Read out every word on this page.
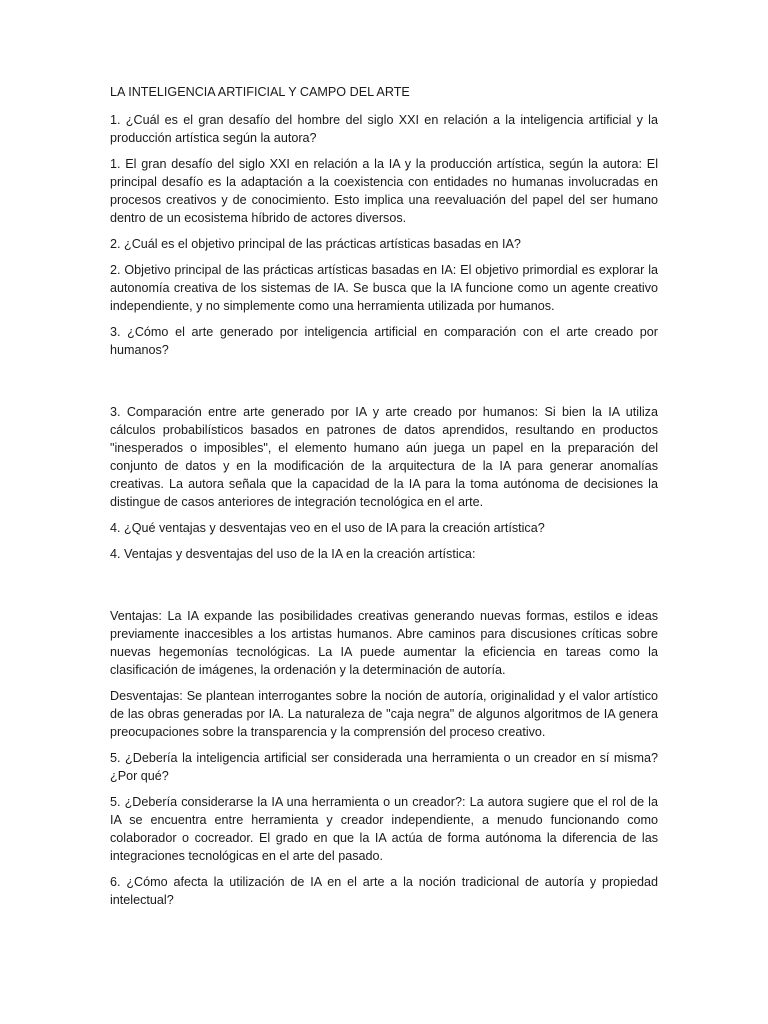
LA INTELIGENCIA ARTIFICIAL Y CAMPO DEL ARTE
1. ¿Cuál es el gran desafío del hombre del siglo XXI en relación a la inteligencia artificial y la producción artística según la autora?
1. El gran desafío del siglo XXI en relación a la IA y la producción artística, según la autora: El principal desafío es la adaptación a la coexistencia con entidades no humanas involucradas en procesos creativos y de conocimiento. Esto implica una reevaluación del papel del ser humano dentro de un ecosistema híbrido de actores diversos.
2. ¿Cuál es el objetivo principal de las prácticas artísticas basadas en IA?
2. Objetivo principal de las prácticas artísticas basadas en IA: El objetivo primordial es explorar la autonomía creativa de los sistemas de IA. Se busca que la IA funcione como un agente creativo independiente, y no simplemente como una herramienta utilizada por humanos.
3. ¿Cómo el arte generado por inteligencia artificial en comparación con el arte creado por humanos?
3. Comparación entre arte generado por IA y arte creado por humanos: Si bien la IA utiliza cálculos probabilísticos basados en patrones de datos aprendidos, resultando en productos "inesperados o imposibles", el elemento humano aún juega un papel en la preparación del conjunto de datos y en la modificación de la arquitectura de la IA para generar anomalías creativas. La autora señala que la capacidad de la IA para la toma autónoma de decisiones la distingue de casos anteriores de integración tecnológica en el arte.
4. ¿Qué ventajas y desventajas veo en el uso de IA para la creación artística?
4. Ventajas y desventajas del uso de la IA en la creación artística:
Ventajas: La IA expande las posibilidades creativas generando nuevas formas, estilos e ideas previamente inaccesibles a los artistas humanos. Abre caminos para discusiones críticas sobre nuevas hegemonías tecnológicas. La IA puede aumentar la eficiencia en tareas como la clasificación de imágenes, la ordenación y la determinación de autoría.
Desventajas: Se plantean interrogantes sobre la noción de autoría, originalidad y el valor artístico de las obras generadas por IA. La naturaleza de "caja negra" de algunos algoritmos de IA genera preocupaciones sobre la transparencia y la comprensión del proceso creativo.
5. ¿Debería la inteligencia artificial ser considerada una herramienta o un creador en sí misma? ¿Por qué?
5. ¿Debería considerarse la IA una herramienta o un creador?: La autora sugiere que el rol de la IA se encuentra entre herramienta y creador independiente, a menudo funcionando como colaborador o cocreador. El grado en que la IA actúa de forma autónoma la diferencia de las integraciones tecnológicas en el arte del pasado.
6. ¿Cómo afecta la utilización de IA en el arte a la noción tradicional de autoría y propiedad intelectual?
